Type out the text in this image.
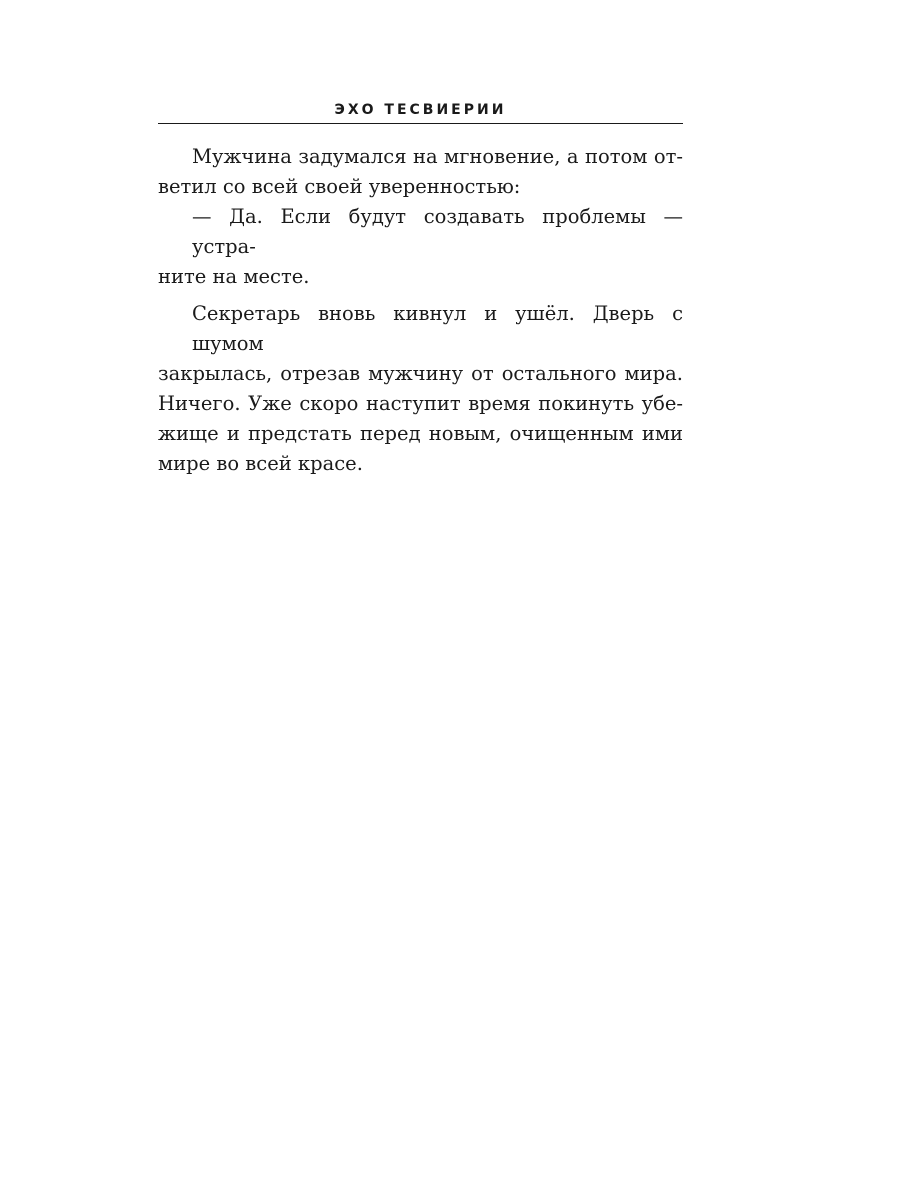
ЭХО ТЕСВИЕРИИ

Мужчина задумался на мгновение, а потом от-
ветил со всей своей уверенностью:

— Да. Если будут создавать проблемы — устра-
ните на месте.

Секретарь вновь кивнул и ушёл. Дверь с шумом
закрылась, отрезав мужчину от остального мира.
Ничего. Уже скоро наступит время покинуть убе-
жище и предстать перед новым, очищенным ими
мире во всей красе.
